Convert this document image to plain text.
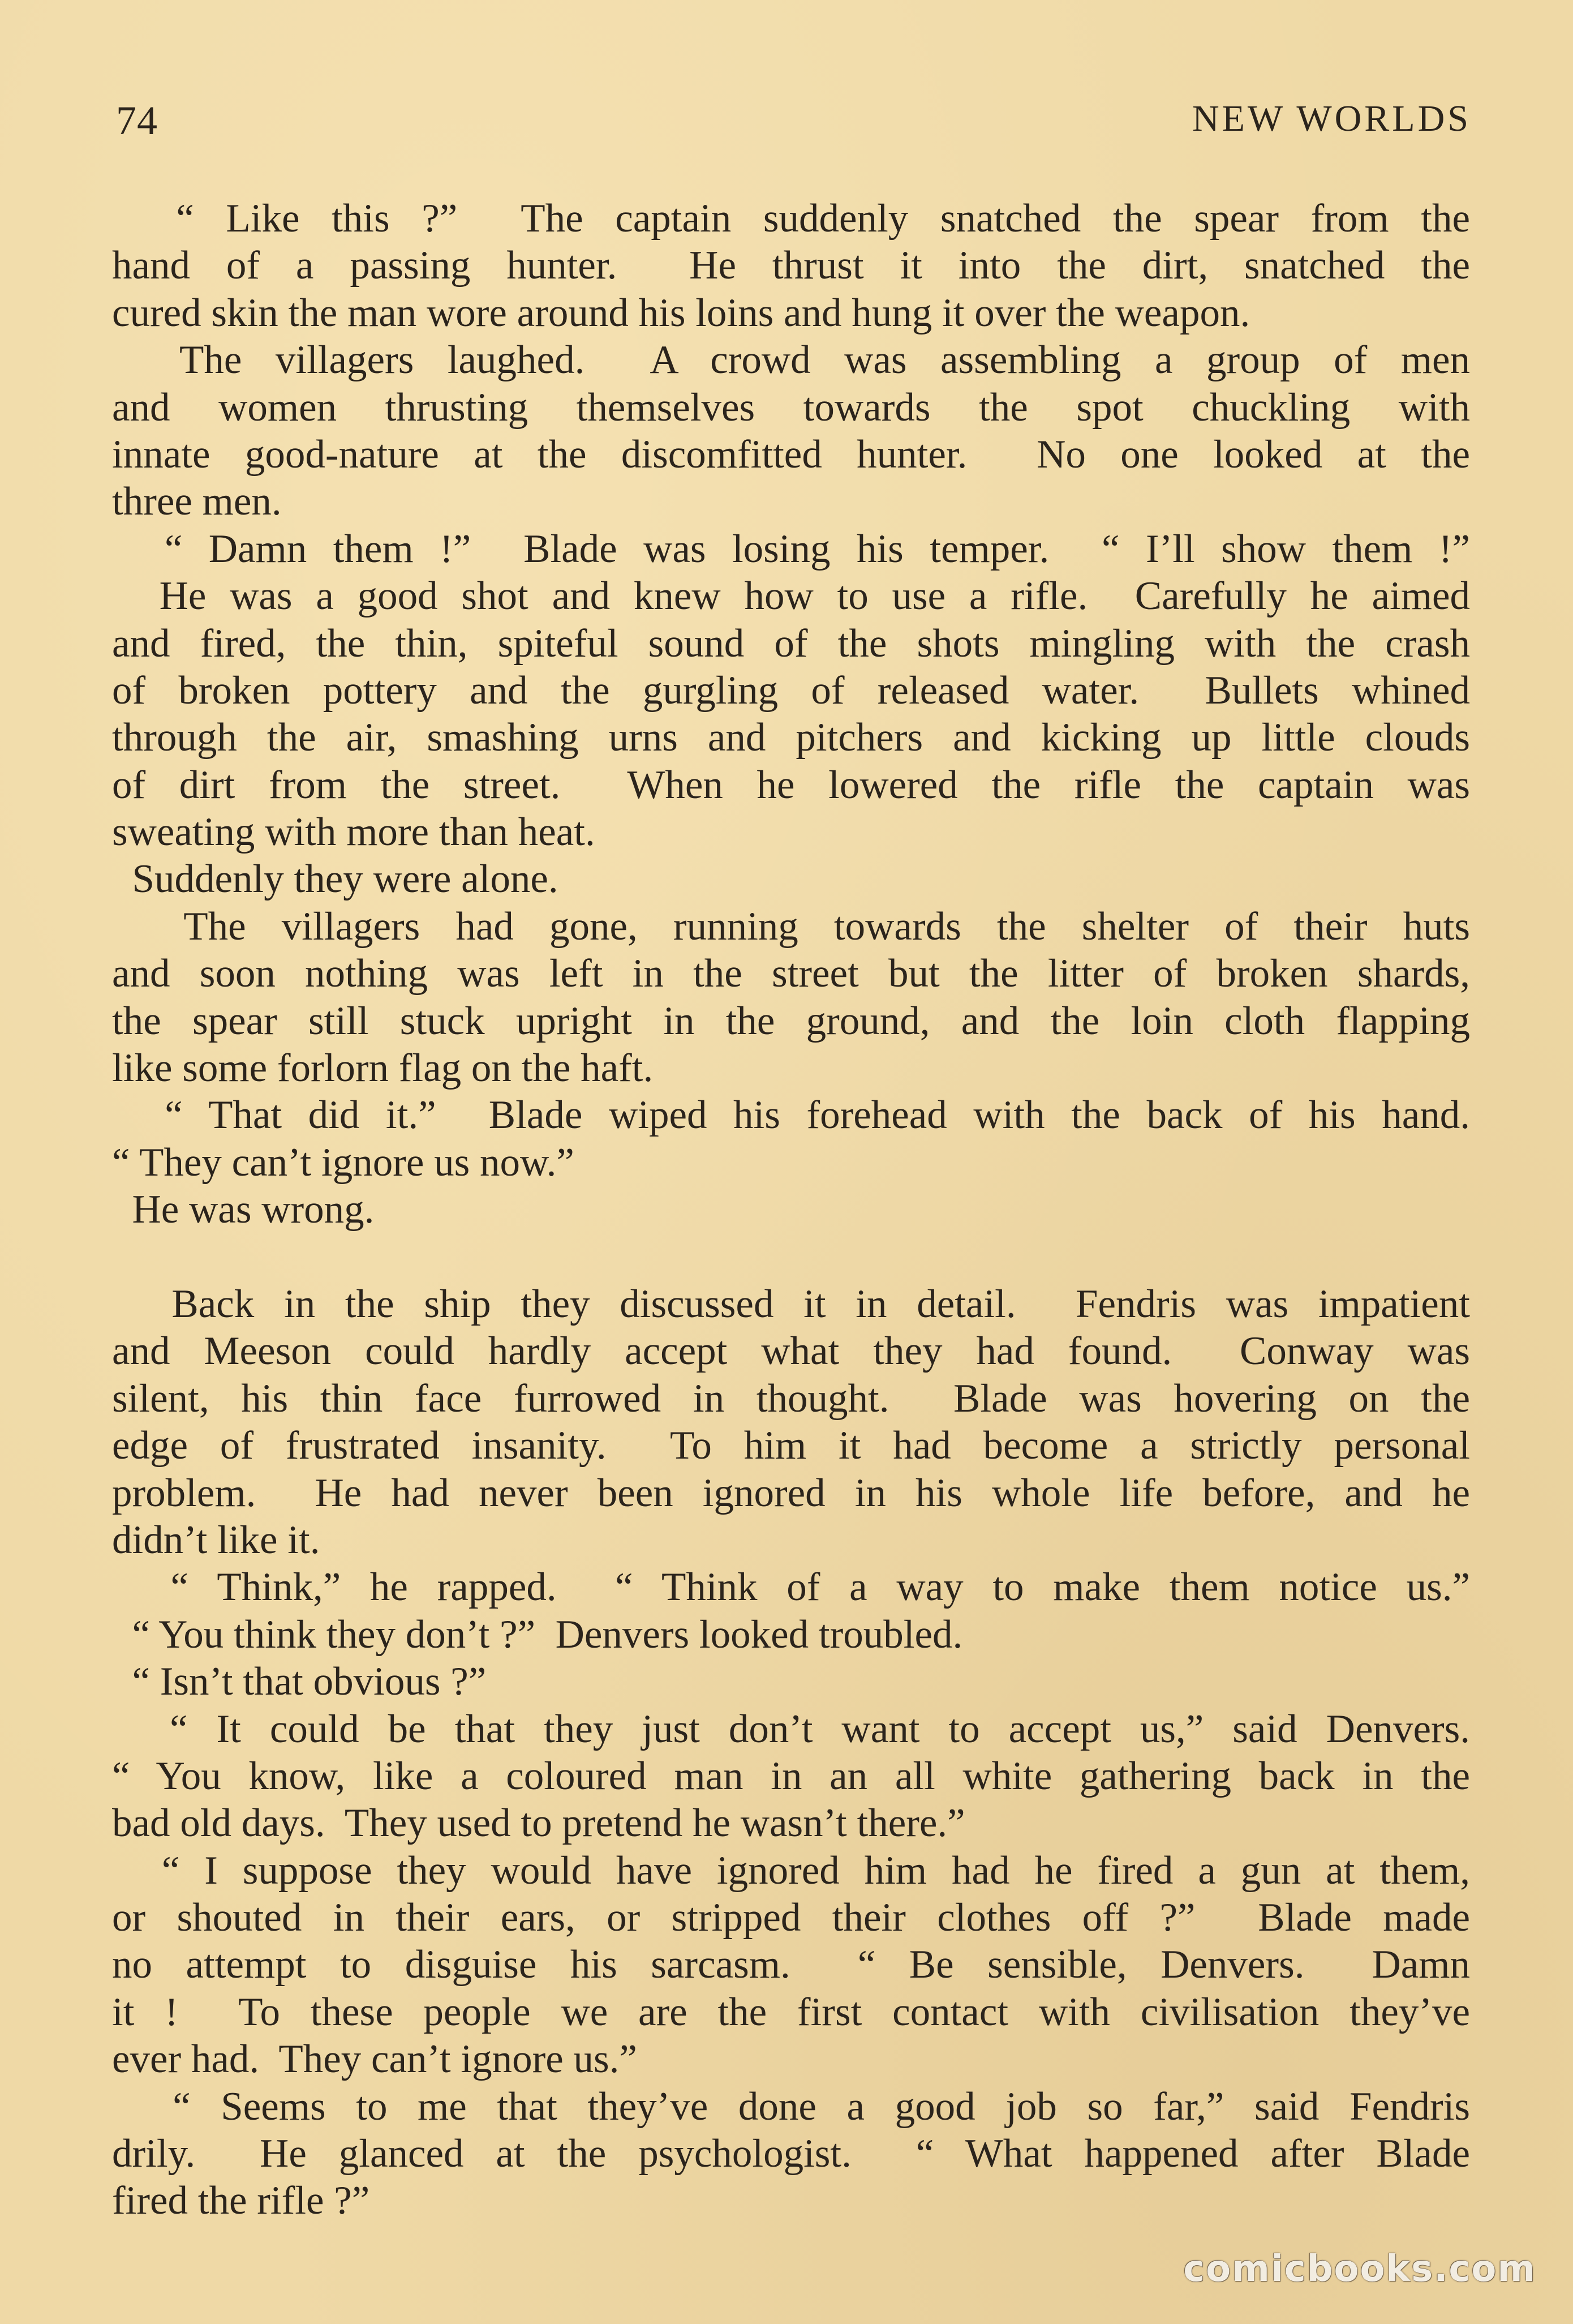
74	NEW WORLDS
“ Like this ?”  The captain suddenly snatched the spear from the
hand of a passing hunter.  He thrust it into the dirt, snatched the
cured skin the man wore around his loins and hung it over the weapon.
The villagers laughed.  A crowd was assembling a group of men
and women thrusting themselves towards the spot chuckling with
innate good-nature at the discomfitted hunter.  No one looked at the
three men.
“ Damn them !”  Blade was losing his temper.  “ I’ll show them !”
He was a good shot and knew how to use a rifle.  Carefully he aimed
and fired, the thin, spiteful sound of the shots mingling with the crash
of broken pottery and the gurgling of released water.  Bullets whined
through the air, smashing urns and pitchers and kicking up little clouds
of dirt from the street.  When he lowered the rifle the captain was
sweating with more than heat.
Suddenly they were alone.
The villagers had gone, running towards the shelter of their huts
and soon nothing was left in the street but the litter of broken shards,
the spear still stuck upright in the ground, and the loin cloth flapping
like some forlorn flag on the haft.
“ That did it.”  Blade wiped his forehead with the back of his hand.
“ They can’t ignore us now.”
He was wrong.
Back in the ship they discussed it in detail.  Fendris was impatient
and Meeson could hardly accept what they had found.  Conway was
silent, his thin face furrowed in thought.  Blade was hovering on the
edge of frustrated insanity.  To him it had become a strictly personal
problem.  He had never been ignored in his whole life before, and he
didn’t like it.
“ Think,” he rapped.  “ Think of a way to make them notice us.”
“ You think they don’t ?”  Denvers looked troubled.
“ Isn’t that obvious ?”
“ It could be that they just don’t want to accept us,” said Denvers.
“ You know, like a coloured man in an all white gathering back in the
bad old days.  They used to pretend he wasn’t there.”
“ I suppose they would have ignored him had he fired a gun at them,
or shouted in their ears, or stripped their clothes off ?”  Blade made
no attempt to disguise his sarcasm.  “ Be sensible, Denvers.  Damn
it !  To these people we are the first contact with civilisation they’ve
ever had.  They can’t ignore us.”
“ Seems to me that they’ve done a good job so far,” said Fendris
drily.  He glanced at the psychologist.  “ What happened after Blade
fired the rifle ?”
comicbooks.com
